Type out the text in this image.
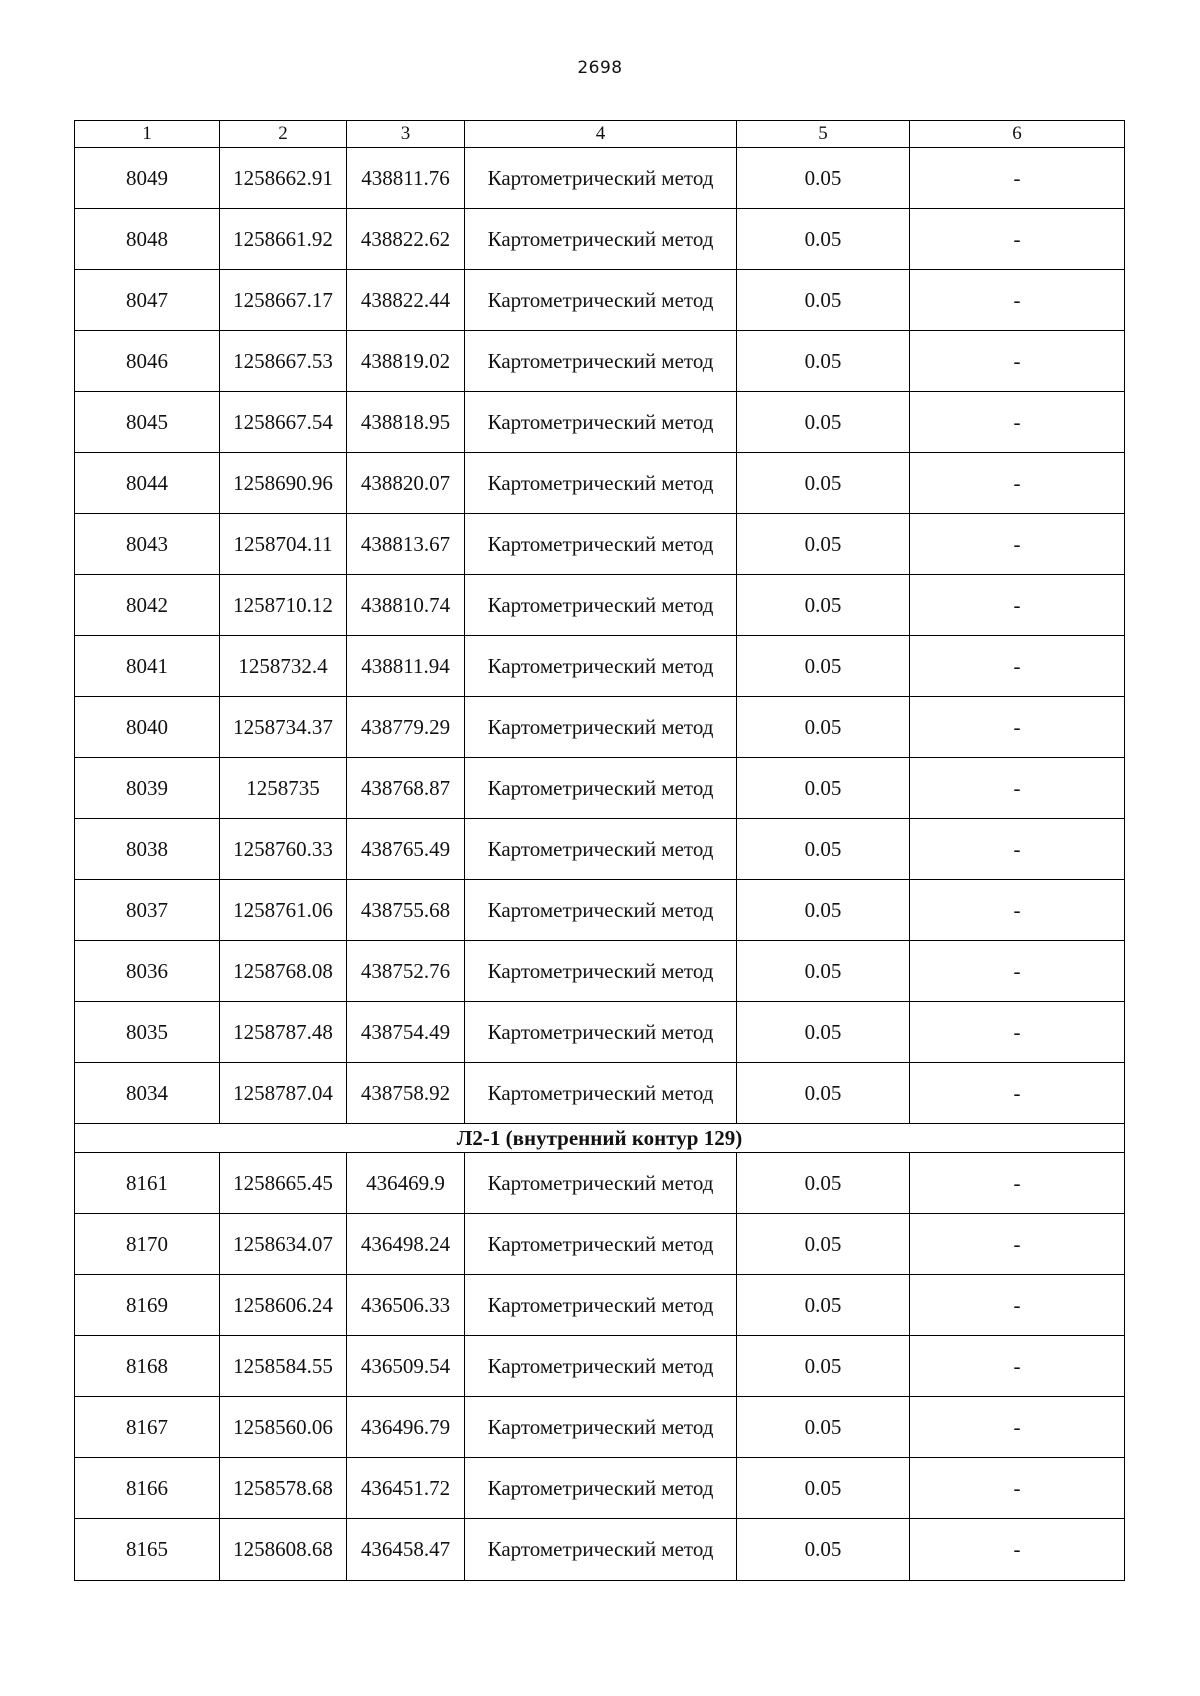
2698
1	2	3	4	5	6
8049	1258662.91	438811.76	Картометрический метод	0.05	-
8048	1258661.92	438822.62	Картометрический метод	0.05	-
8047	1258667.17	438822.44	Картометрический метод	0.05	-
8046	1258667.53	438819.02	Картометрический метод	0.05	-
8045	1258667.54	438818.95	Картометрический метод	0.05	-
8044	1258690.96	438820.07	Картометрический метод	0.05	-
8043	1258704.11	438813.67	Картометрический метод	0.05	-
8042	1258710.12	438810.74	Картометрический метод	0.05	-
8041	1258732.4	438811.94	Картометрический метод	0.05	-
8040	1258734.37	438779.29	Картометрический метод	0.05	-
8039	1258735	438768.87	Картометрический метод	0.05	-
8038	1258760.33	438765.49	Картометрический метод	0.05	-
8037	1258761.06	438755.68	Картометрический метод	0.05	-
8036	1258768.08	438752.76	Картометрический метод	0.05	-
8035	1258787.48	438754.49	Картометрический метод	0.05	-
8034	1258787.04	438758.92	Картометрический метод	0.05	-
Л2-1 (внутренний контур 129)					
8161	1258665.45	436469.9	Картометрический метод	0.05	-
8170	1258634.07	436498.24	Картометрический метод	0.05	-
8169	1258606.24	436506.33	Картометрический метод	0.05	-
8168	1258584.55	436509.54	Картометрический метод	0.05	-
8167	1258560.06	436496.79	Картометрический метод	0.05	-
8166	1258578.68	436451.72	Картометрический метод	0.05	-
8165	1258608.68	436458.47	Картометрический метод	0.05	-
